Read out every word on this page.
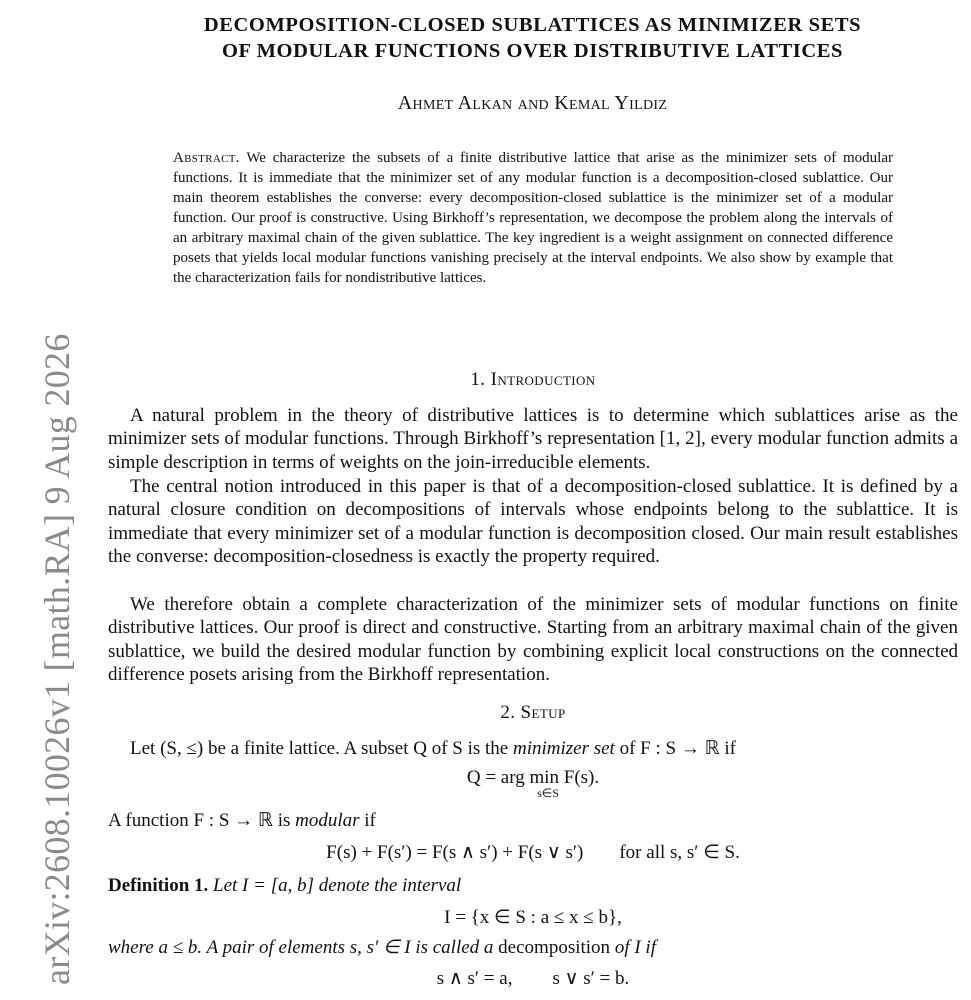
arXiv:2608.10026v1 [math.RA] 9 Aug 2026
DECOMPOSITION-CLOSED SUBLATTICES AS MINIMIZER SETS
OF MODULAR FUNCTIONS OVER DISTRIBUTIVE LATTICES
Ahmet Alkan and Kemal Yildiz
Abstract. We characterize the subsets of a finite distributive lattice that arise as the minimizer sets of modular functions. It is immediate that the minimizer set of any modular function is a decomposition-closed sublattice. Our main theorem establishes the converse: every decomposition-closed sublattice is the minimizer set of a modular function. Our proof is constructive. Using Birkhoff’s representation, we decompose the problem along the intervals of an arbitrary maximal chain of the given sublattice. The key ingredient is a weight assignment on connected difference posets that yields local modular functions vanishing precisely at the interval endpoints. We also show by example that the characterization fails for nondistributive lattices.
1. Introduction
A natural problem in the theory of distributive lattices is to determine which sublattices arise as the minimizer sets of modular functions. Through Birkhoff’s representation [1, 2], every modular function admits a simple description in terms of weights on the join-irreducible elements.
The central notion introduced in this paper is that of a decomposition-closed sublattice. It is defined by a natural closure condition on decompositions of intervals whose endpoints belong to the sublattice. It is immediate that every minimizer set of a modular function is decomposition closed. Our main result establishes the converse: decomposition-closedness is exactly the property required.
We therefore obtain a complete characterization of the minimizer sets of modular functions on finite distributive lattices. Our proof is direct and constructive. Starting from an arbitrary maximal chain of the given sublattice, we build the desired modular function by combining explicit local constructions on the connected difference posets arising from the Birkhoff representation.
2. Setup
Let (S, ≤) be a finite lattice. A subset Q of S is the minimizer set of F : S → ℝ if
Q = arg mins∈S F(s).
A function F : S → ℝ is modular if
F(s) + F(s′) = F(s ∧ s′) + F(s ∨ s′) for all s, s′ ∈ S.
Definition 1. Let I = [a, b] denote the interval
I = {x ∈ S : a ≤ x ≤ b},
where a ≤ b. A pair of elements s, s′ ∈ I is called a decomposition of I if
s ∧ s′ = a, s ∨ s′ = b.
